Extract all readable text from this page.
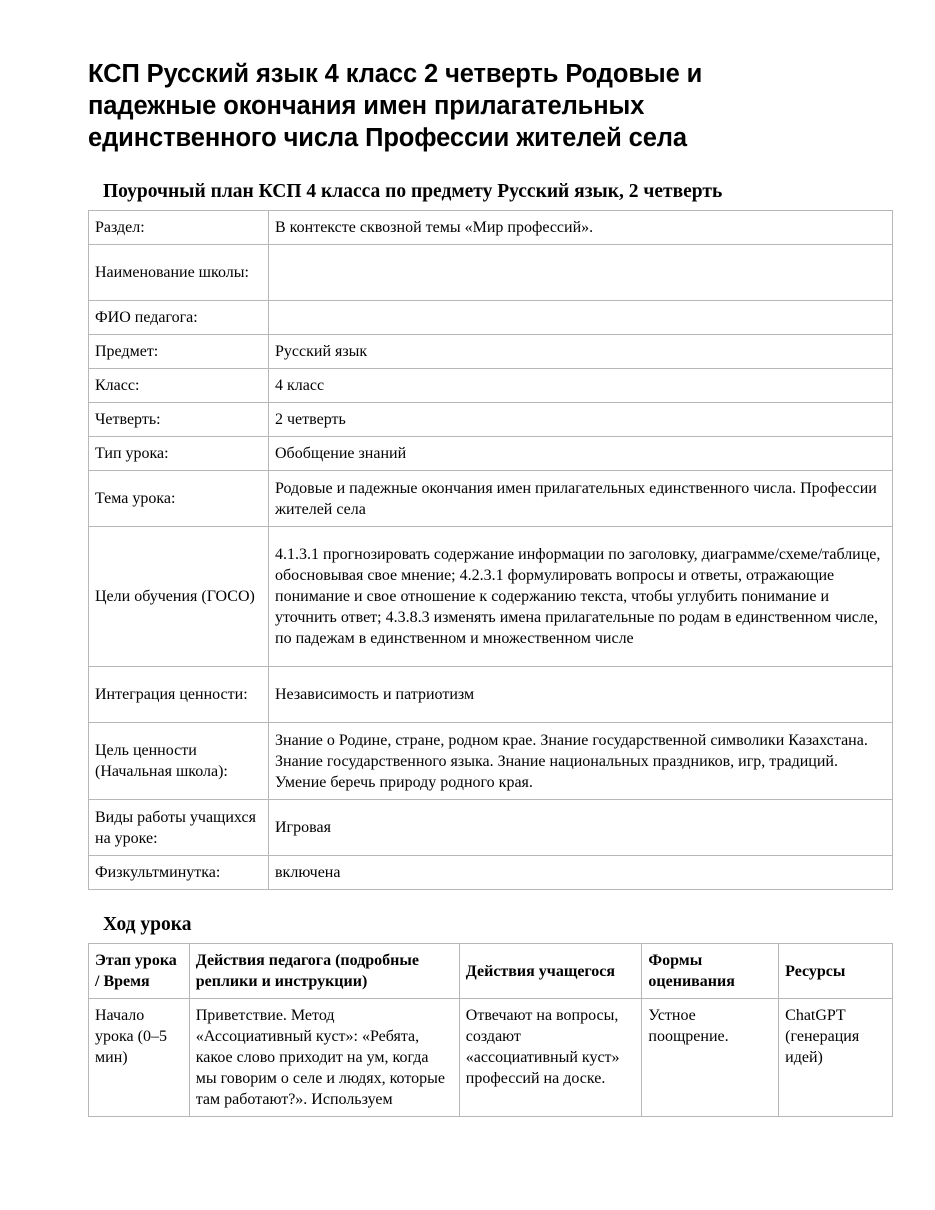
КСП Русский язык 4 класс 2 четверть Родовые и падежные окончания имен прилагательных единственного числа Профессии жителей села
Поурочный план КСП 4 класса по предмету Русский язык, 2 четверть
Раздел:	В контексте сквозной темы «Мир профессий».
Наименование школы:	
ФИО педагога:	
Предмет:	Русский язык
Класс:	4 класс
Четверть:	2 четверть
Тип урока:	Обобщение знаний
Тема урока:	Родовые и падежные окончания имен прилагательных единственного числа. Профессии жителей села
Цели обучения (ГОСО)	4.1.3.1 прогнозировать содержание информации по заголовку, диаграмме/схеме/таблице, обосновывая свое мнение; 4.2.3.1 формулировать вопросы и ответы, отражающие понимание и свое отношение к содержанию текста, чтобы углубить понимание и уточнить ответ; 4.3.8.3 изменять имена прилагательные по родам в единственном числе, по падежам в единственном и множественном числе
Интеграция ценности:	Независимость и патриотизм
Цель ценности (Начальная школа):	Знание о Родине, стране, родном крае. Знание государственной символики Казахстана. Знание государственного языка. Знание национальных праздников, игр, традиций. Умение беречь природу родного края.
Виды работы учащихся на уроке:	Игровая
Физкультминутка:	включена
Ход урока
Этап урока / Время	Действия педагога (подробные реплики и инструкции)	Действия учащегося	Формы оценивания	Ресурсы
Начало урока (0–5 мин)	Приветствие. Метод «Ассоциативный куст»: «Ребята, какое слово приходит на ум, когда мы говорим о селе и людях, которые там работают?». Используем	Отвечают на вопросы, создают «ассоциативный куст» профессий на доске.	Устное поощрение.	ChatGPT (генерация идей)
